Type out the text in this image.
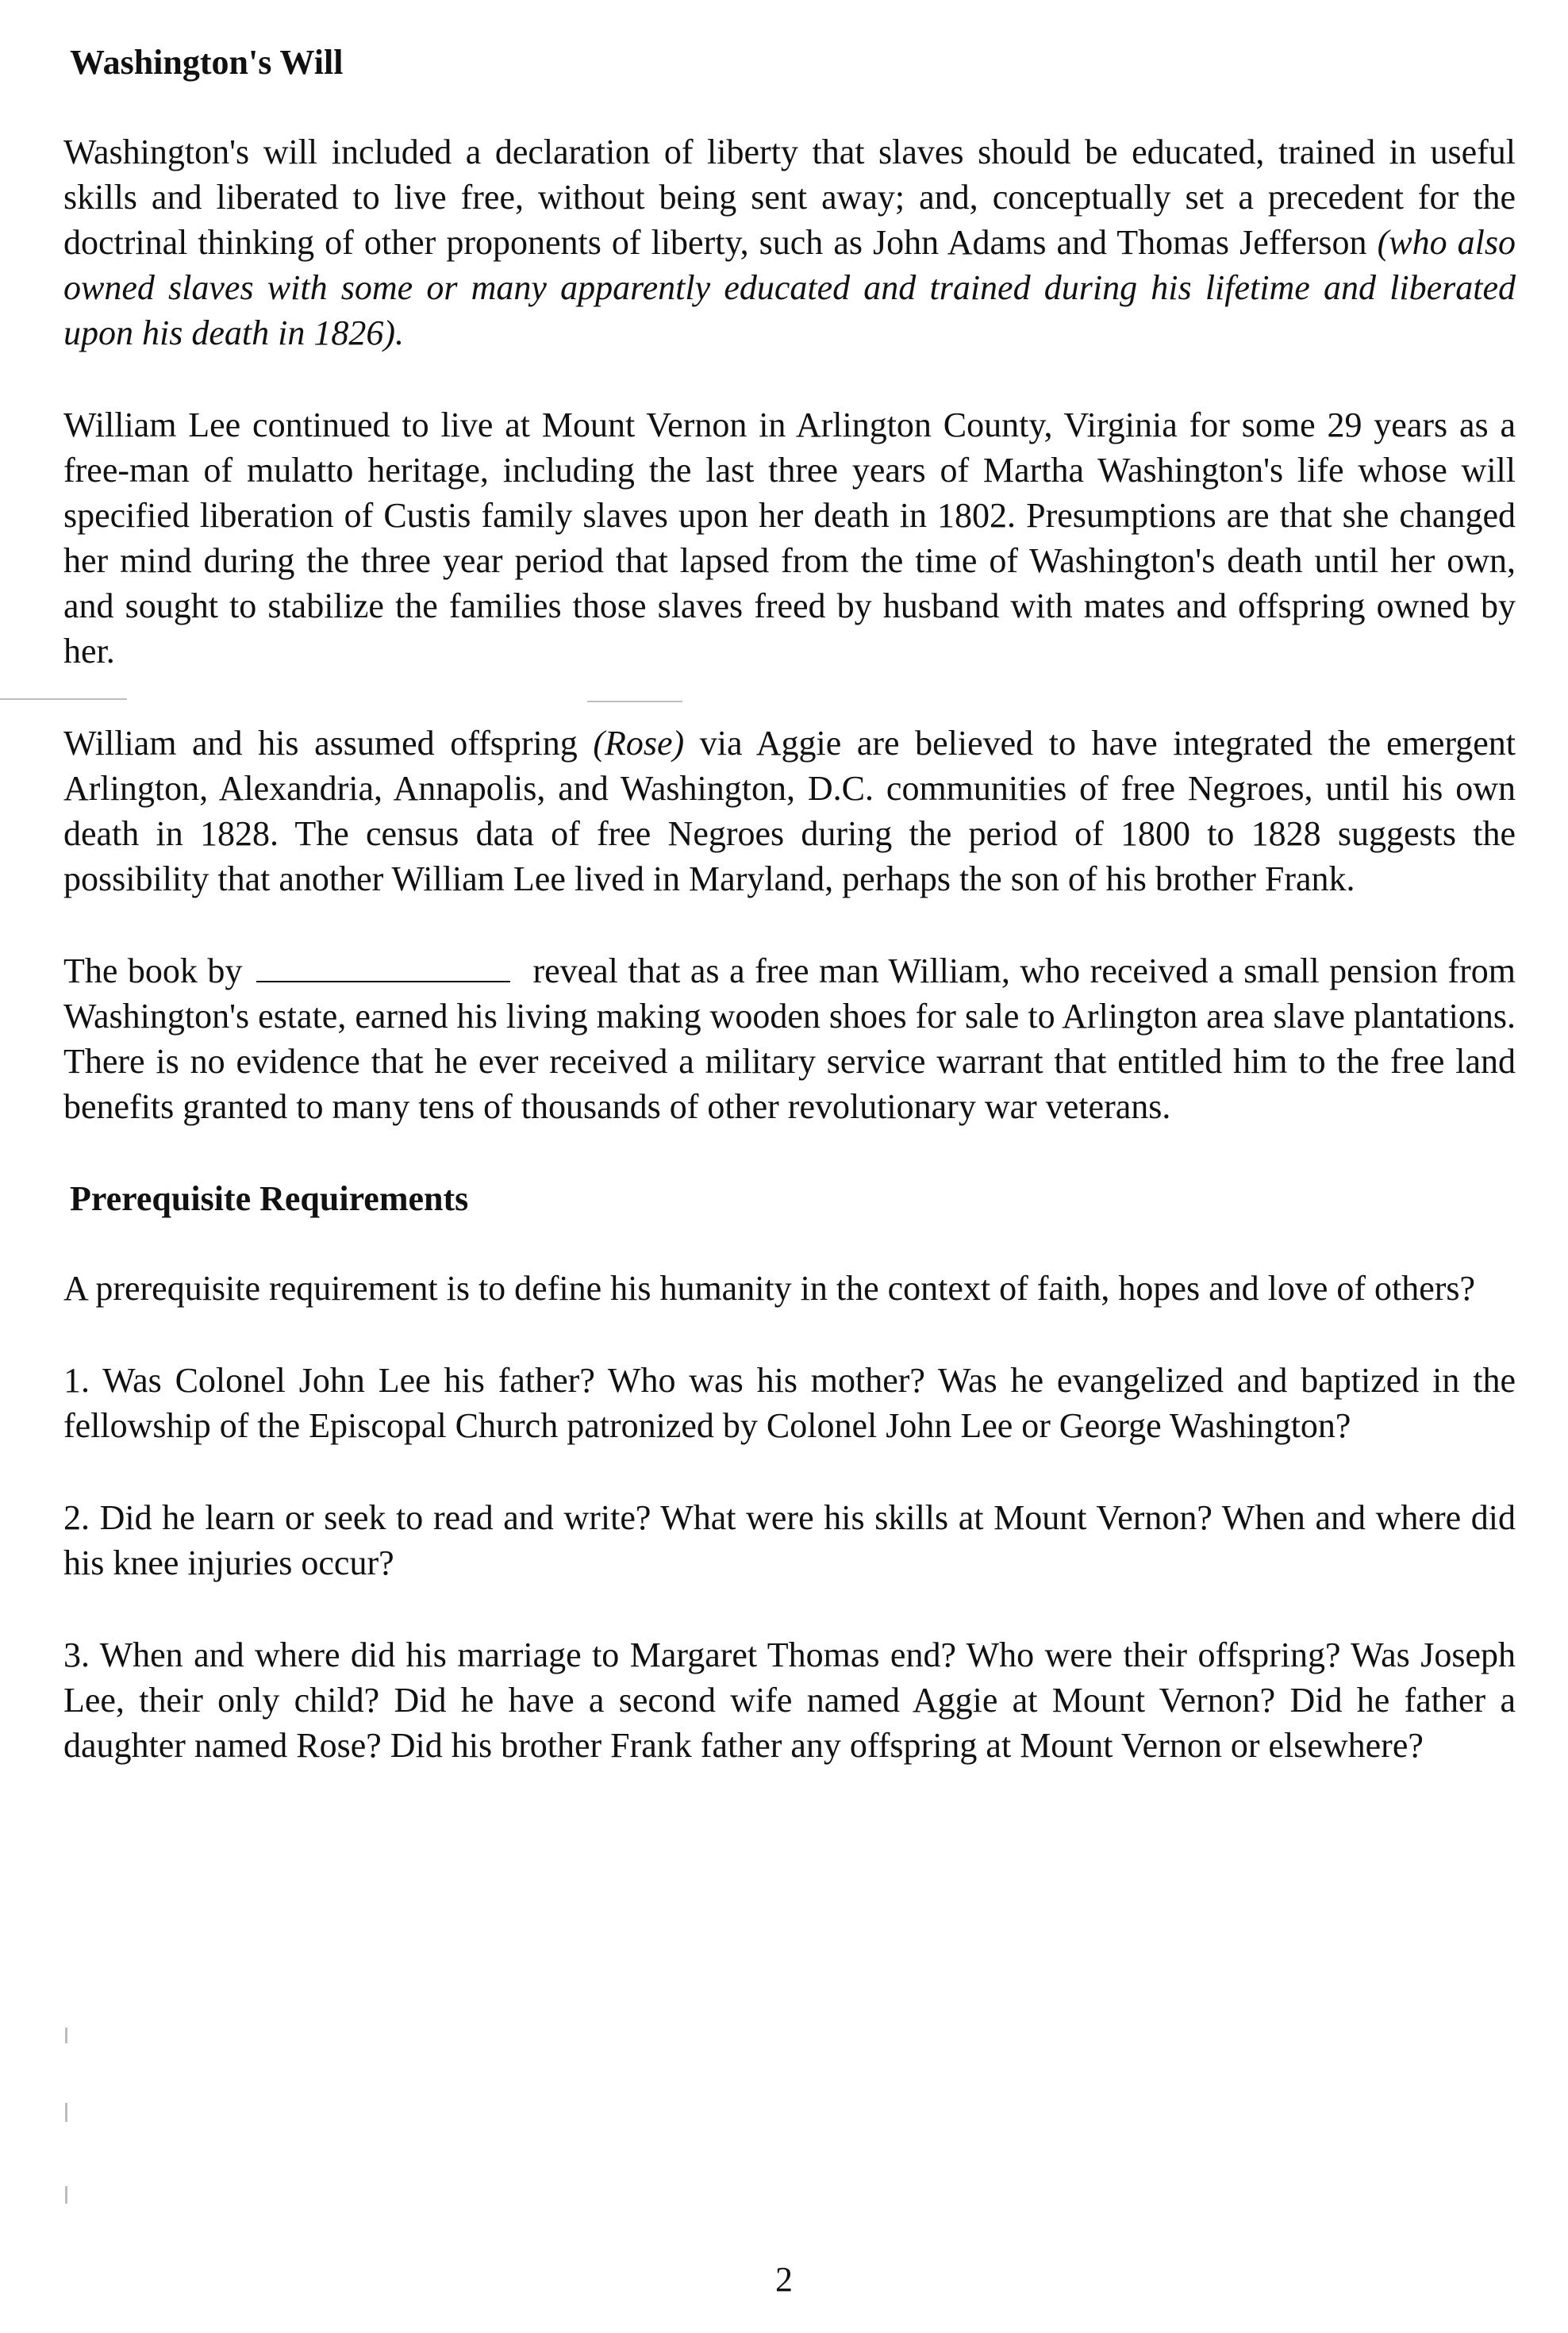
Washington's Will

Washington's will included a declaration of liberty that slaves should be educated, trained in useful skills and liberated to live free, without being sent away; and, conceptually set a precedent for the doctrinal thinking of other proponents of liberty, such as John Adams and Thomas Jefferson (who also owned slaves with some or many apparently educated and trained during his lifetime and liberated upon his death in 1826).

William Lee continued to live at Mount Vernon in Arlington County, Virginia for some 29 years as a free-man of mulatto heritage, including the last three years of Martha Washington's life whose will specified liberation of Custis family slaves upon her death in 1802. Presumptions are that she changed her mind during the three year period that lapsed from the time of Washington's death until her own, and sought to stabilize the families those slaves freed by husband with mates and offspring owned by her.

William and his assumed offspring (Rose) via Aggie are believed to have integrated the emergent Arlington, Alexandria, Annapolis, and Washington, D.C. communities of free Negroes, until his own death in 1828. The census data of free Negroes during the period of 1800 to 1828 suggests the possibility that another William Lee lived in Maryland, perhaps the son of his brother Frank.

The book by	reveal that as a free man William, who received a small pension from Washington's estate, earned his living making wooden shoes for sale to Arlington area slave plantations. There is no evidence that he ever received a military service warrant that entitled him to the free land benefits granted to many tens of thousands of other revolutionary war veterans.

Prerequisite Requirements

A prerequisite requirement is to define his humanity in the context of faith, hopes and love of others?

1. Was Colonel John Lee his father? Who was his mother? Was he evangelized and baptized in the fellowship of the Episcopal Church patronized by Colonel John Lee or George Washington?

2. Did he learn or seek to read and write? What were his skills at Mount Vernon? When and where did his knee injuries occur?

3. When and where did his marriage to Margaret Thomas end? Who were their offspring? Was Joseph Lee, their only child? Did he have a second wife named Aggie at Mount Vernon? Did he father a daughter named Rose? Did his brother Frank father any offspring at Mount Vernon or elsewhere?

2
